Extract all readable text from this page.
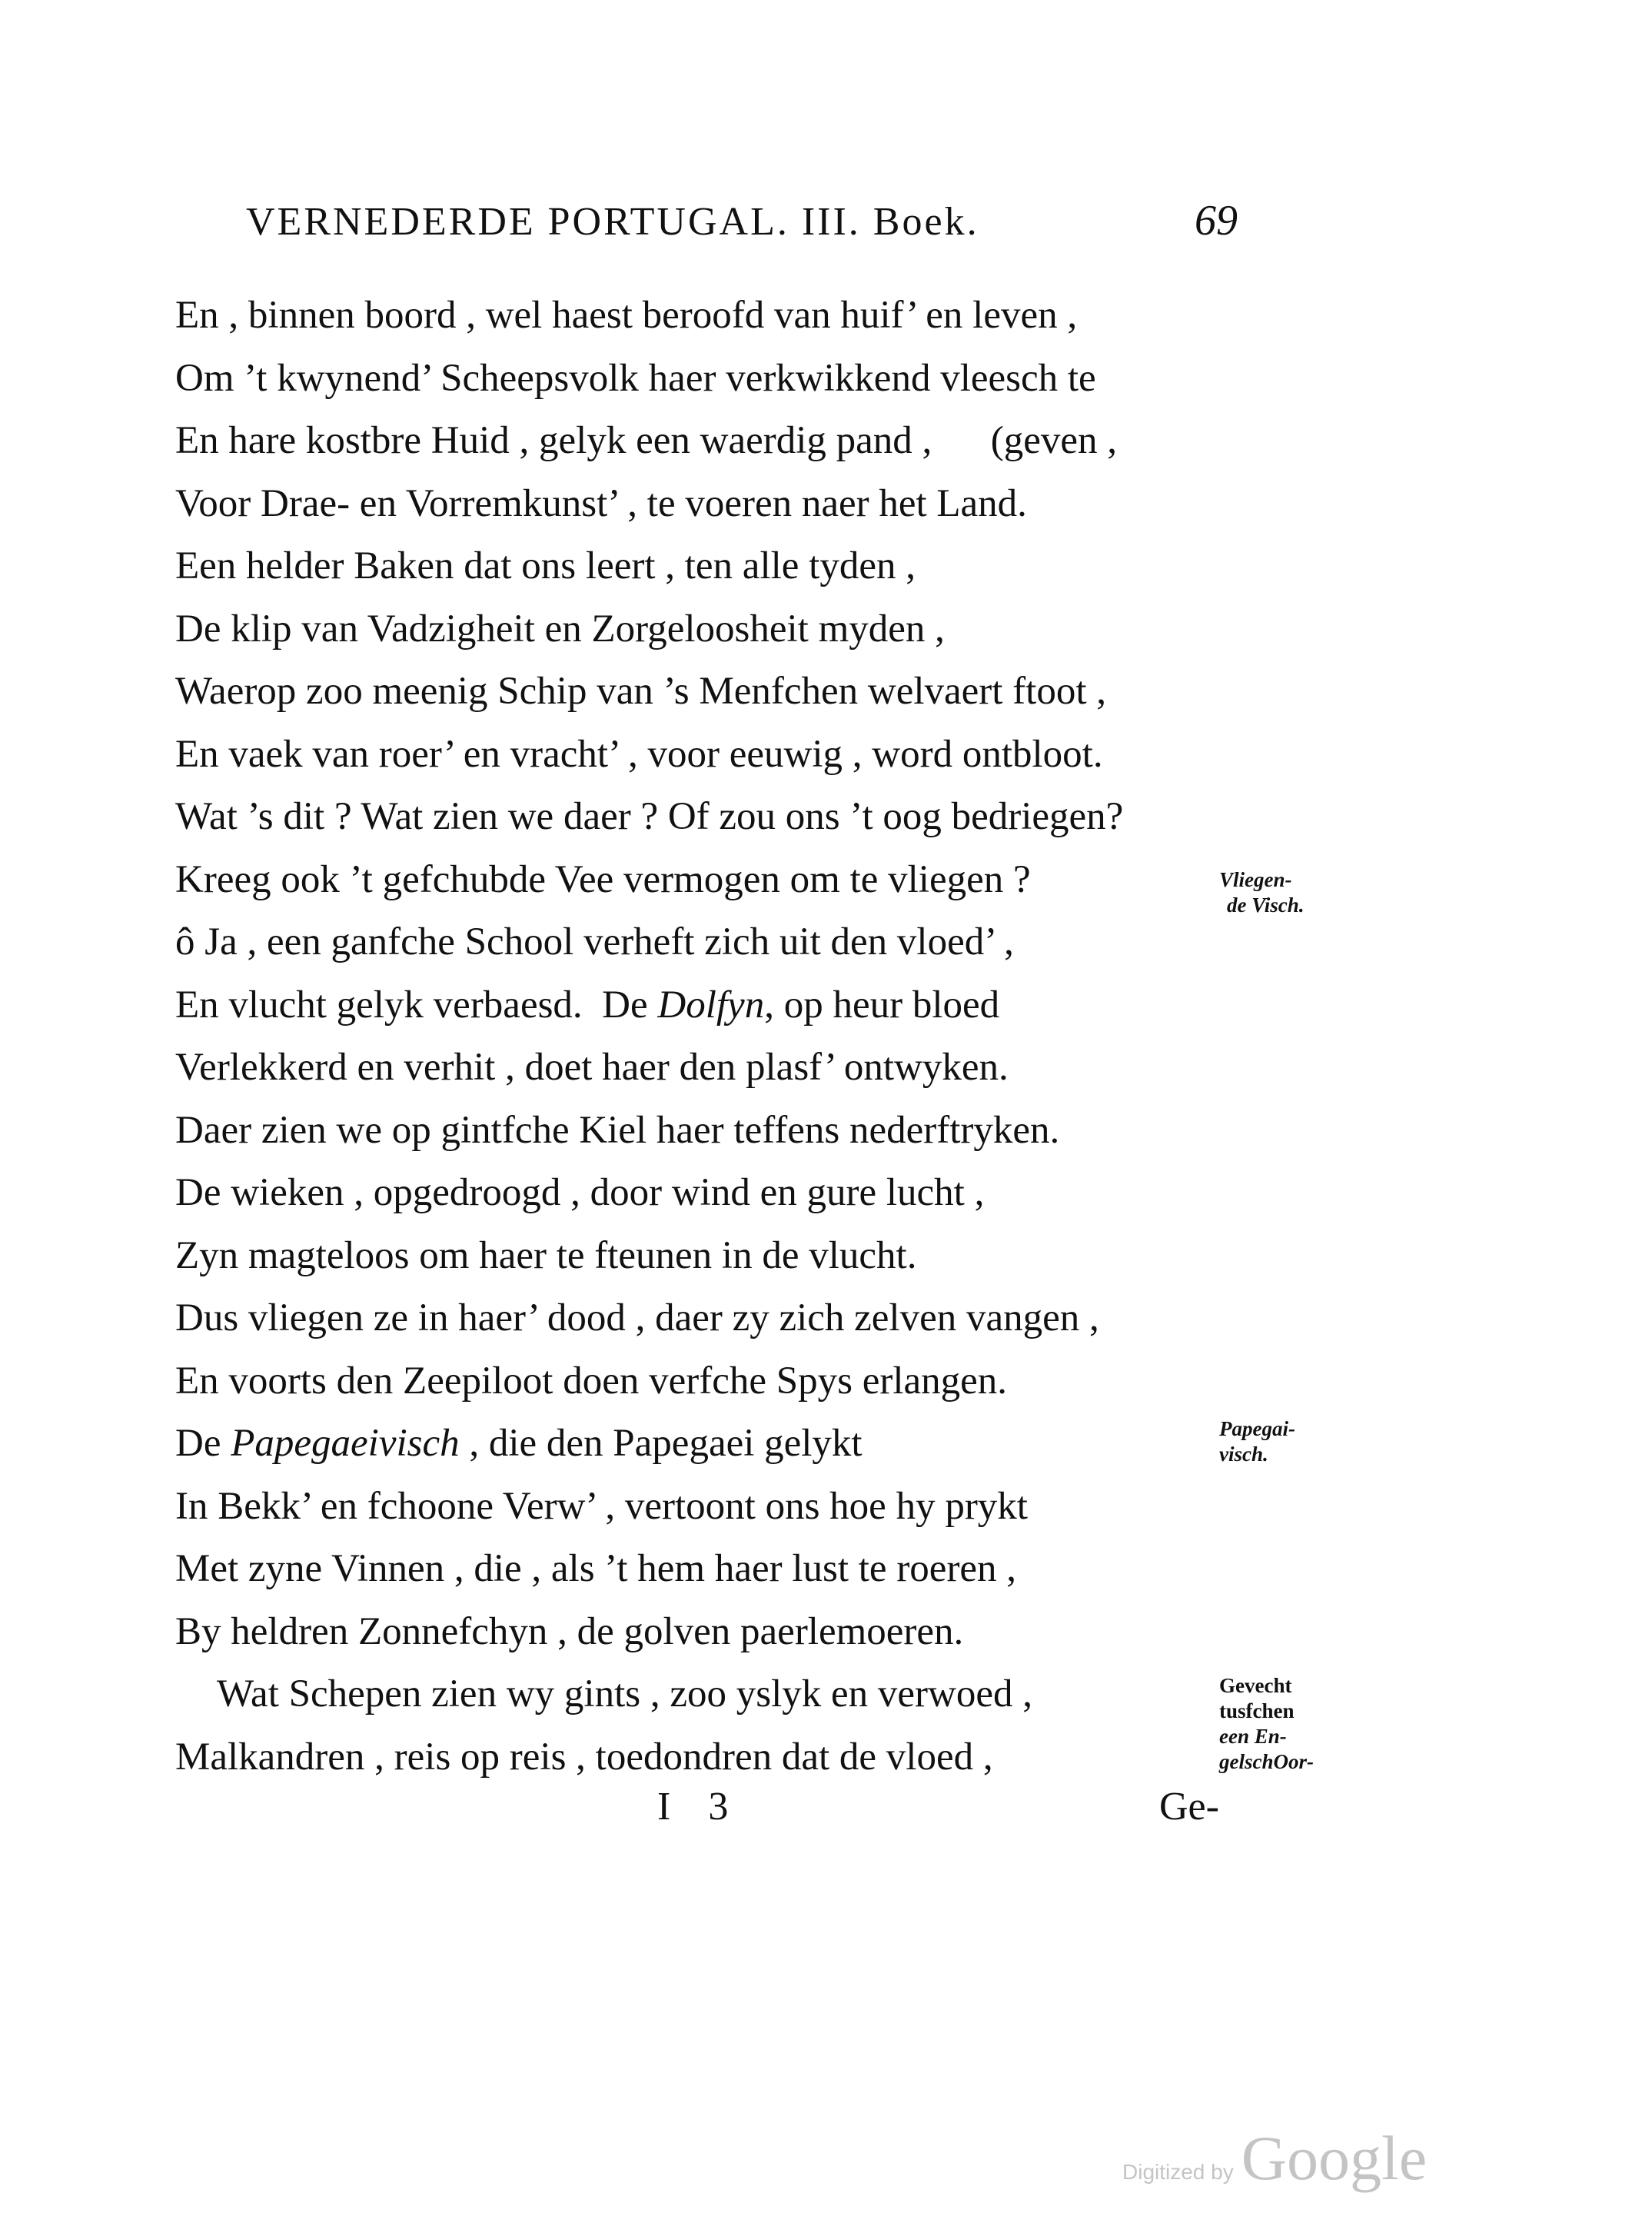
VERNEDERDE PORTUGAL. III. Boek.	69
En , binnen boord , wel haest beroofd van huif’ en leven ,
Om ’t kwynend’ Scheepsvolk haer verkwikkend vleesch te
En hare kostbre Huid , gelyk een waerdig pand ,      (geven ,
Voor Drae- en Vorremkunst’ , te voeren naer het Land.
Een helder Baken dat ons leert , ten alle tyden ,
De klip van Vadzigheit en Zorgeloosheit myden ,
Waerop zoo meenig Schip van ’s Menfchen welvaert ftoot ,
En vaek van roer’ en vracht’ , voor eeuwig , word ontbloot.
Wat ’s dit ? Wat zien we daer ? Of zou ons ’t oog bedriegen?
Kreeg ook ’t gefchubde Vee vermogen om te vliegen ?
ô Ja , een ganfche School verheft zich uit den vloed’ ,
En vlucht gelyk verbaesd.  De Dolfyn, op heur bloed
Verlekkerd en verhit , doet haer den plasf’ ontwyken.
Daer zien we op gintfche Kiel haer teffens nederftryken.
De wieken , opgedroogd , door wind en gure lucht ,
Zyn magteloos om haer te fteunen in de vlucht.
Dus vliegen ze in haer’ dood , daer zy zich zelven vangen ,
En voorts den Zeepiloot doen verfche Spys erlangen.
De Papegaeivisch , die den Papegaei gelykt
In Bekk’ en fchoone Verw’ , vertoont ons hoe hy prykt
Met zyne Vinnen , die , als ’t hem haer lust te roeren ,
By heldren Zonnefchyn , de golven paerlemoeren.
Wat Schepen zien wy gints , zoo yslyk en verwoed ,
Malkandren , reis op reis , toedondren dat de vloed ,
Vliegen-
de Visch.
Papegai-
visch.
Gevecht
tusfchen
een En-
gelschOor-
I 3	Ge-
Digitized by Google
